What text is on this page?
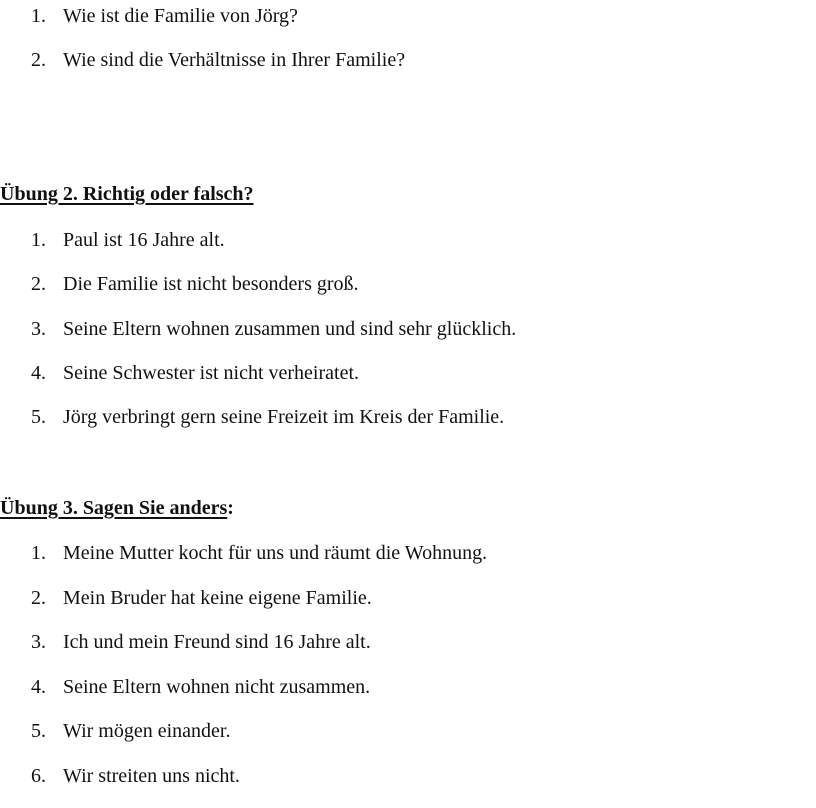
1. Wie ist die Familie von Jörg?
2. Wie sind die Verhältnisse in Ihrer Familie?
Übung 2. Richtig oder falsch?
1. Paul ist 16 Jahre alt.
2. Die Familie ist nicht besonders groß.
3. Seine Eltern wohnen zusammen und sind sehr glücklich.
4. Seine Schwester ist nicht verheiratet.
5. Jörg verbringt gern seine Freizeit im Kreis der Familie.
Übung 3. Sagen Sie anders:
1. Meine Mutter kocht für uns und räumt die Wohnung.
2. Mein Bruder hat keine eigene Familie.
3. Ich und mein Freund sind 16 Jahre alt.
4. Seine Eltern wohnen nicht zusammen.
5. Wir mögen einander.
6. Wir streiten uns nicht.
